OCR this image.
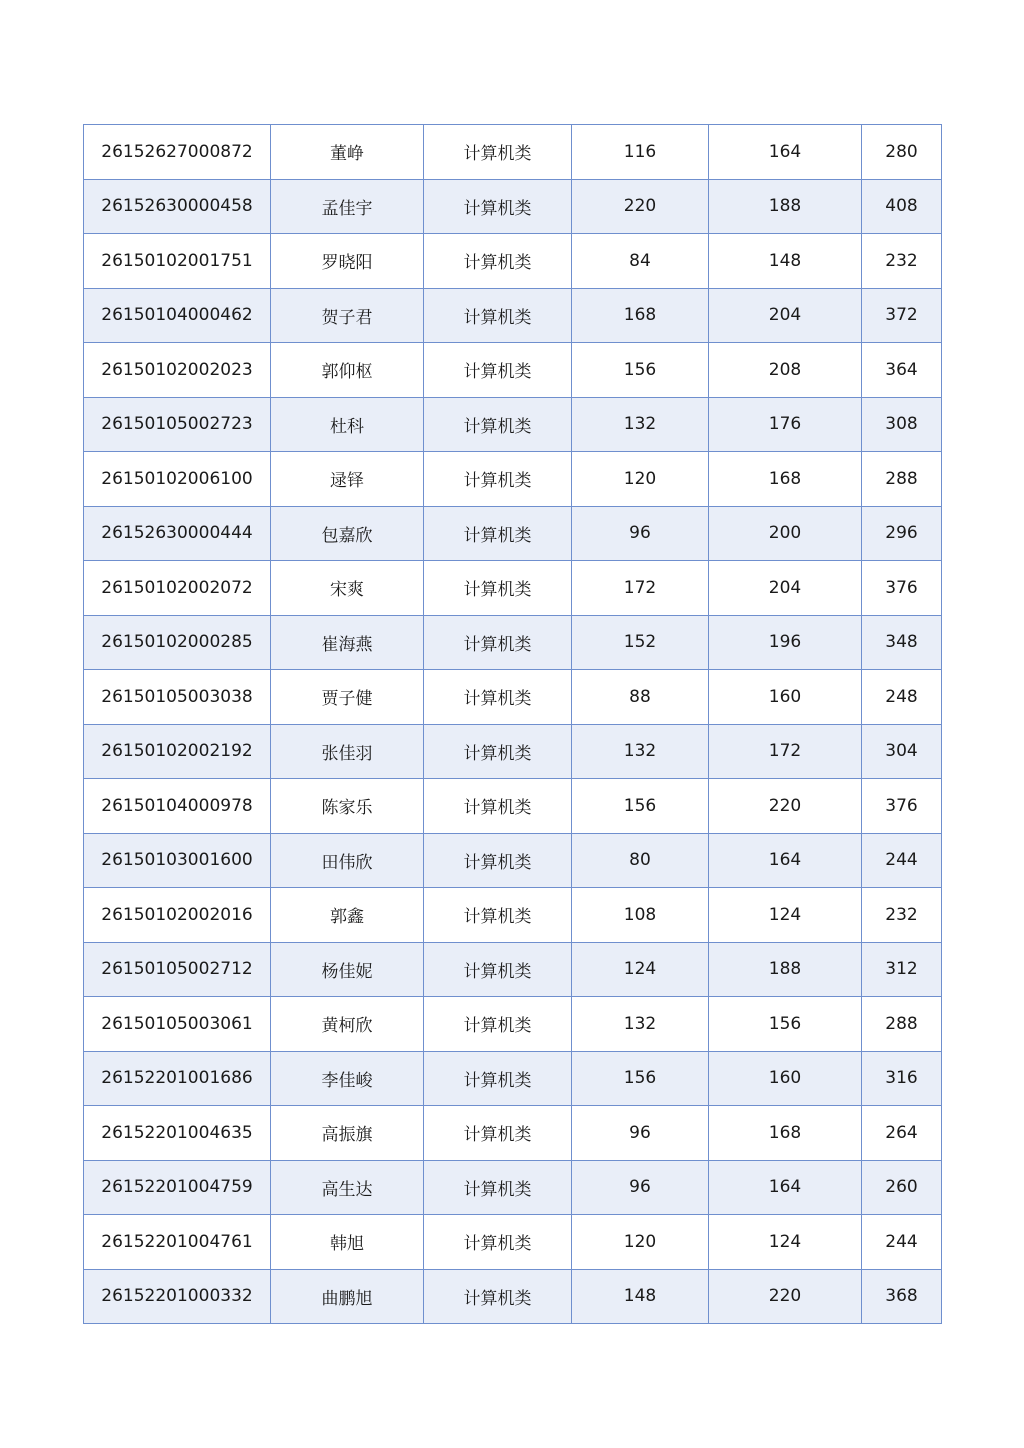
26152627000872	董峥	计算机类	116	164	280
26152630000458	孟佳宇	计算机类	220	188	408
26150102001751	罗晓阳	计算机类	84	148	232
26150104000462	贺子君	计算机类	168	204	372
26150102002023	郭仰枢	计算机类	156	208	364
26150105002723	杜科	计算机类	132	176	308
26150102006100	逯铎	计算机类	120	168	288
26152630000444	包嘉欣	计算机类	96	200	296
26150102002072	宋爽	计算机类	172	204	376
26150102000285	崔海燕	计算机类	152	196	348
26150105003038	贾子健	计算机类	88	160	248
26150102002192	张佳羽	计算机类	132	172	304
26150104000978	陈家乐	计算机类	156	220	376
26150103001600	田伟欣	计算机类	80	164	244
26150102002016	郭鑫	计算机类	108	124	232
26150105002712	杨佳妮	计算机类	124	188	312
26150105003061	黄柯欣	计算机类	132	156	288
26152201001686	李佳峻	计算机类	156	160	316
26152201004635	高振旗	计算机类	96	168	264
26152201004759	高生达	计算机类	96	164	260
26152201004761	韩旭	计算机类	120	124	244
26152201000332	曲鹏旭	计算机类	148	220	368
